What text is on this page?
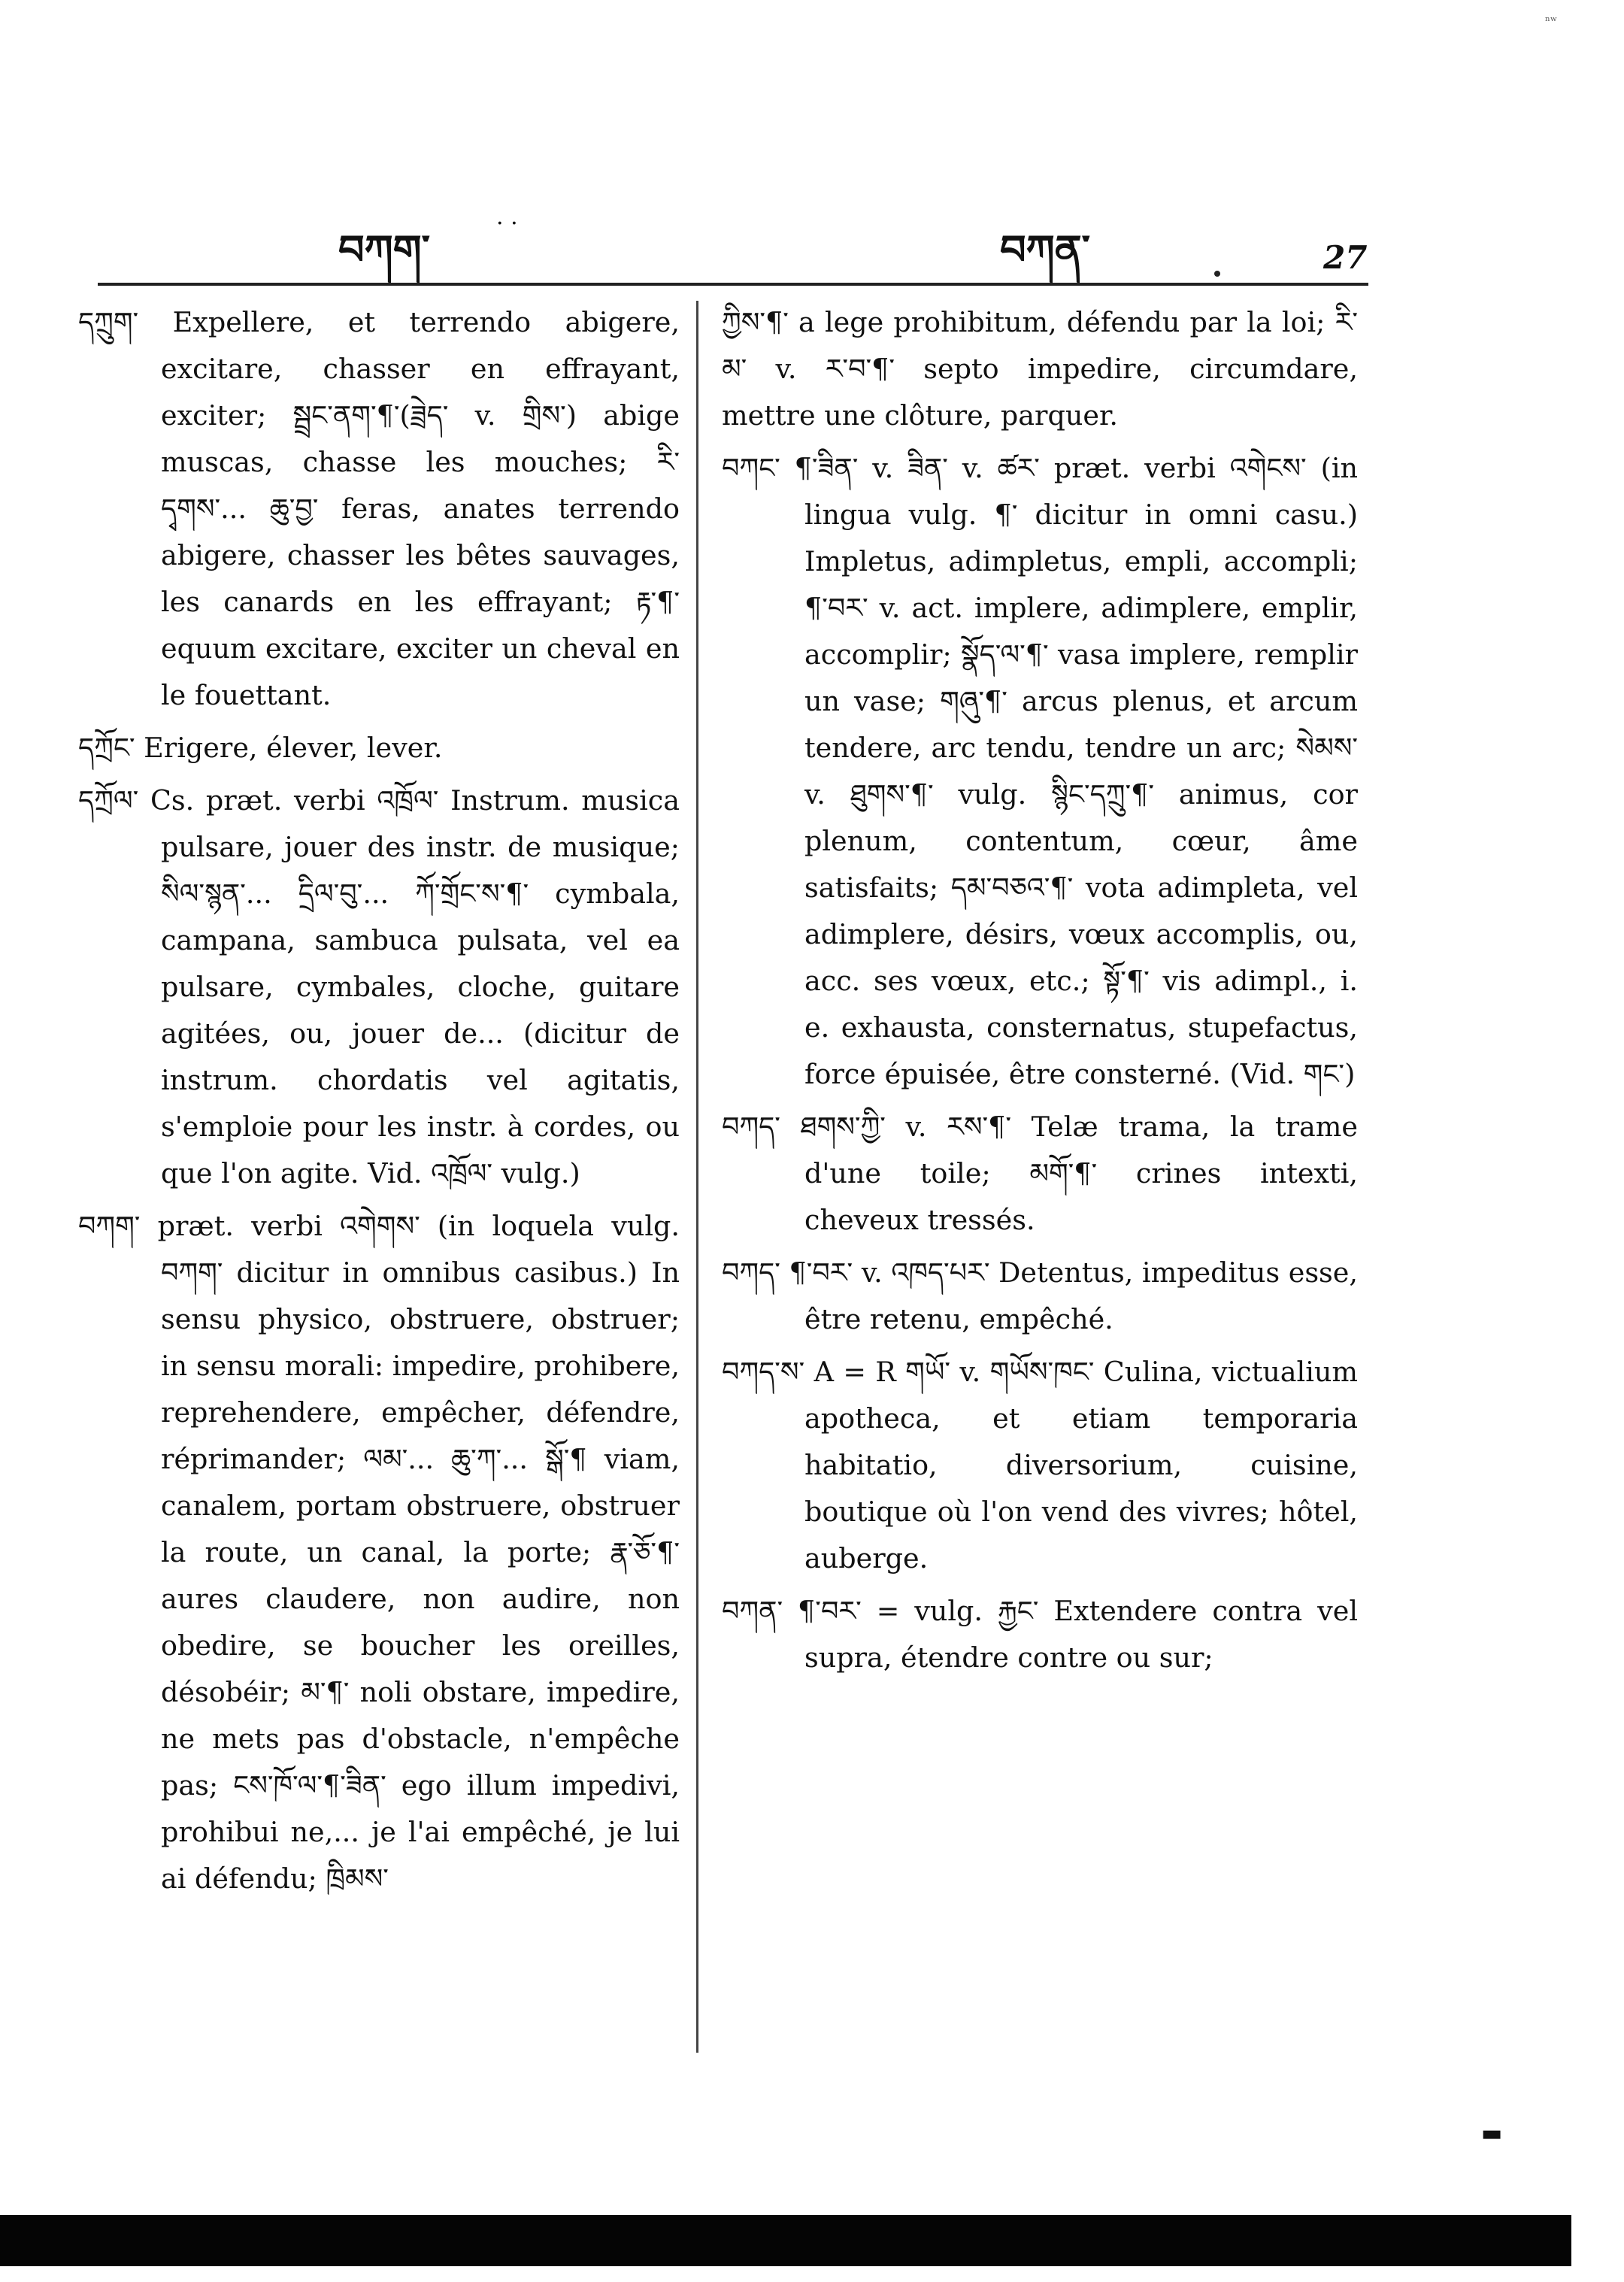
ⁿʷ
བཀག་
· ·
བཀན་	27

དཀྲུག་ Expellere, et terrendo abigere, excitare, chasser en effrayant, exciter; སྦྲང་ནག་¶་(ཟྲེད་ v. གྲིས་) abige muscas, chasse les mouches; རི་དྭགས་... ཆུ་བྱ་ feras, anates terrendo abigere, chasser les bêtes sauvages, les canards en les effrayant; རྟ་¶་ equum excitare, exciter un cheval en le fouettant.

དཀྲོང་ Erigere, élever, lever.

དཀྲོལ་ Cs. præt. verbi འཁྲོལ་ Instrum. musica pulsare, jouer des instr. de musique; སིལ་སྙན་... དྲིལ་བུ་... ཀོ་གྲོང་ས་¶་ cymbala, campana, sambuca pulsata, vel ea pulsare, cymbales, cloche, guitare agitées, ou, jouer de... (dicitur de instrum. chordatis vel agitatis, s'emploie pour les instr. à cordes, ou que l'on agite. Vid. འཁྲོལ་ vulg.)

བཀག་ præt. verbi འགེགས་ (in loquela vulg. བཀག་ dicitur in omnibus casibus.) In sensu physico, obstruere, obstruer; in sensu morali: impedire, prohibere, reprehendere, empêcher, défendre, réprimander; ལམ་... ཆུ་ཀ་... སྒོ་¶ viam, canalem, portam obstruere, obstruer la route, un canal, la porte; རྣ་ཅོ་¶་ aures claudere, non audire, non obedire, se boucher les oreilles, désobéir; མ་¶་ noli obstare, impedire, ne mets pas d'obstacle, n'empêche pas; ངས་ཁོ་ལ་¶་ཟིན་ ego illum impedivi, prohibui ne,... je l'ai empêché, je lui ai défendu; ཁྲིམས་

ཀྱིས་¶་ a lege prohibitum, défendu par la loi; རི་མ་ v. ར་བ་¶་ septo impedire, circumdare, mettre une clôture, parquer.

བཀང་ ¶་ཟིན་ v. ཟིན་ v. ཚར་ præt. verbi འགེངས་ (in lingua vulg. ¶་ dicitur in omni casu.) Impletus, adimpletus, empli, accompli; ¶་བར་ v. act. implere, adimplere, emplir, accomplir; སྣོད་ལ་¶་ vasa implere, remplir un vase; གཞུ་¶་ arcus plenus, et arcum tendere, arc tendu, tendre un arc; སེམས་ v. ཐུགས་¶་ vulg. སྙིང་དཀྲུ་¶་ animus, cor plenum, contentum, cœur, âme satisfaits; དམ་བཅའ་¶་ vota adimpleta, vel adimplere, désirs, vœux accomplis, ou, acc. ses vœux, etc.; སྟོ་¶་ vis adimpl., i. e. exhausta, consternatus, stupefactus, force épuisée, être consterné. (Vid. གང་)

བཀད་ ཐགས་ཀྱི་ v. རས་¶་ Telæ trama, la trame d'une toile; མགོ་¶་ crines intexti, cheveux tressés.

བཀད་ ¶་བར་ v. འཁད་པར་ Detentus, impeditus esse, être retenu, empêché.

བཀད་ས་ A = R གཡོ་ v. གཡོས་ཁང་ Culina, victualium apotheca, et etiam temporaria habitatio, diversorium, cuisine, boutique où l'on vend des vivres; hôtel, auberge.

བཀན་ ¶་བར་ = vulg. རྐྱང་ Extendere contra vel supra, étendre contre ou sur;

▬
